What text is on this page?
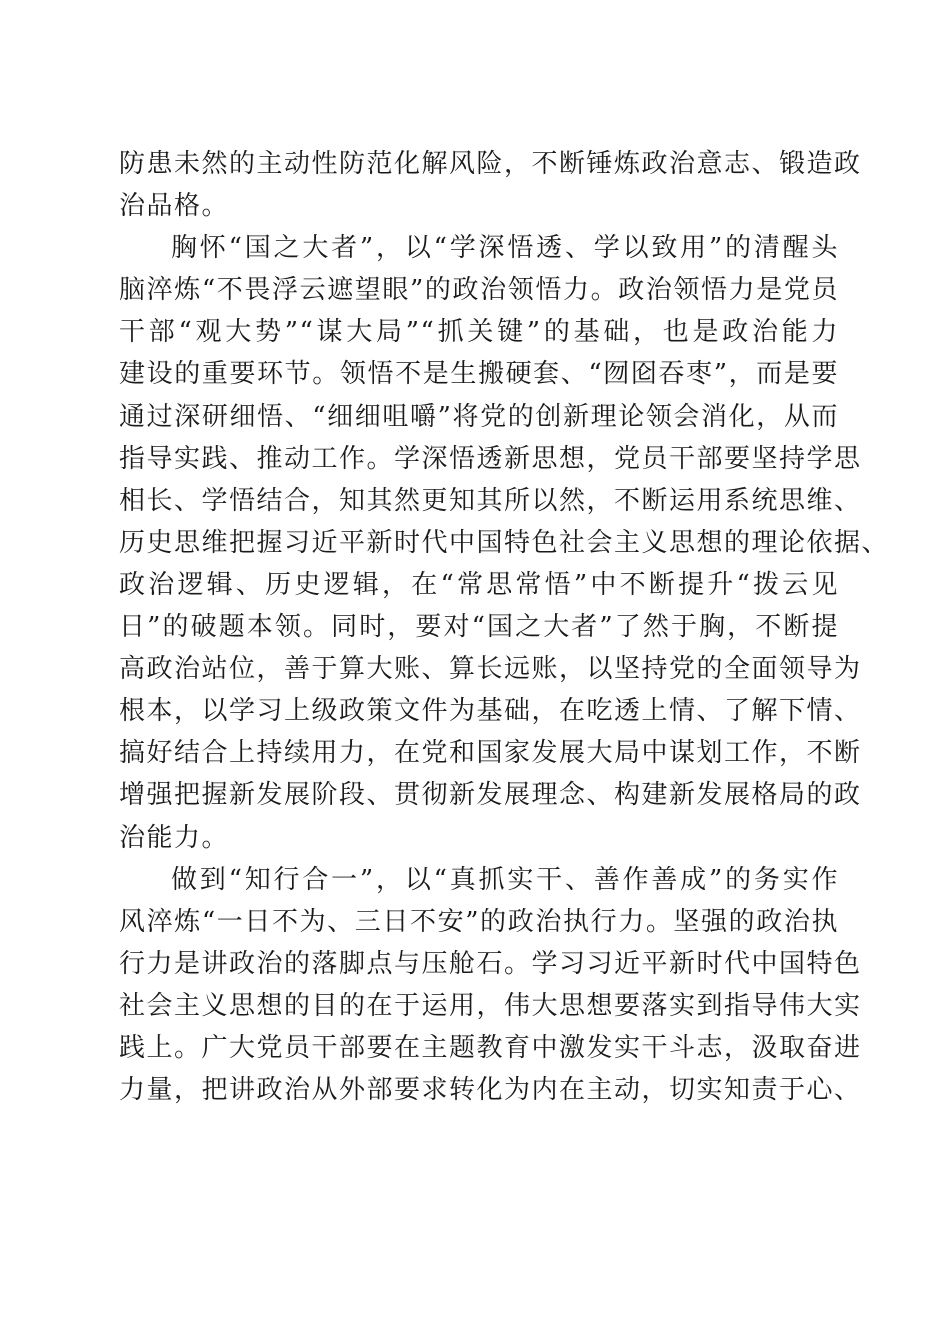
防患未然的主动性防范化解风险，不断锤炼政治意志、锻造政
治品格。
胸怀“国之大者”，以“学深悟透、学以致用”的清醒头
脑淬炼“不畏浮云遮望眼”的政治领悟力。政治领悟力是党员
干部“观大势”“谋大局”“抓关键”的基础，也是政治能力
建设的重要环节。领悟不是生搬硬套、“囫囵吞枣”，而是要
通过深研细悟、“细细咀嚼”将党的创新理论领会消化，从而
指导实践、推动工作。学深悟透新思想，党员干部要坚持学思
相长、学悟结合，知其然更知其所以然，不断运用系统思维、
历史思维把握习近平新时代中国特色社会主义思想的理论依据、
政治逻辑、历史逻辑，在“常思常悟”中不断提升“拨云见
日”的破题本领。同时，要对“国之大者”了然于胸，不断提
高政治站位，善于算大账、算长远账，以坚持党的全面领导为
根本，以学习上级政策文件为基础，在吃透上情、了解下情、
搞好结合上持续用力，在党和国家发展大局中谋划工作，不断
增强把握新发展阶段、贯彻新发展理念、构建新发展格局的政
治能力。
做到“知行合一”，以“真抓实干、善作善成”的务实作
风淬炼“一日不为、三日不安”的政治执行力。坚强的政治执
行力是讲政治的落脚点与压舱石。学习习近平新时代中国特色
社会主义思想的目的在于运用，伟大思想要落实到指导伟大实
践上。广大党员干部要在主题教育中激发实干斗志，汲取奋进
力量，把讲政治从外部要求转化为内在主动，切实知责于心、
